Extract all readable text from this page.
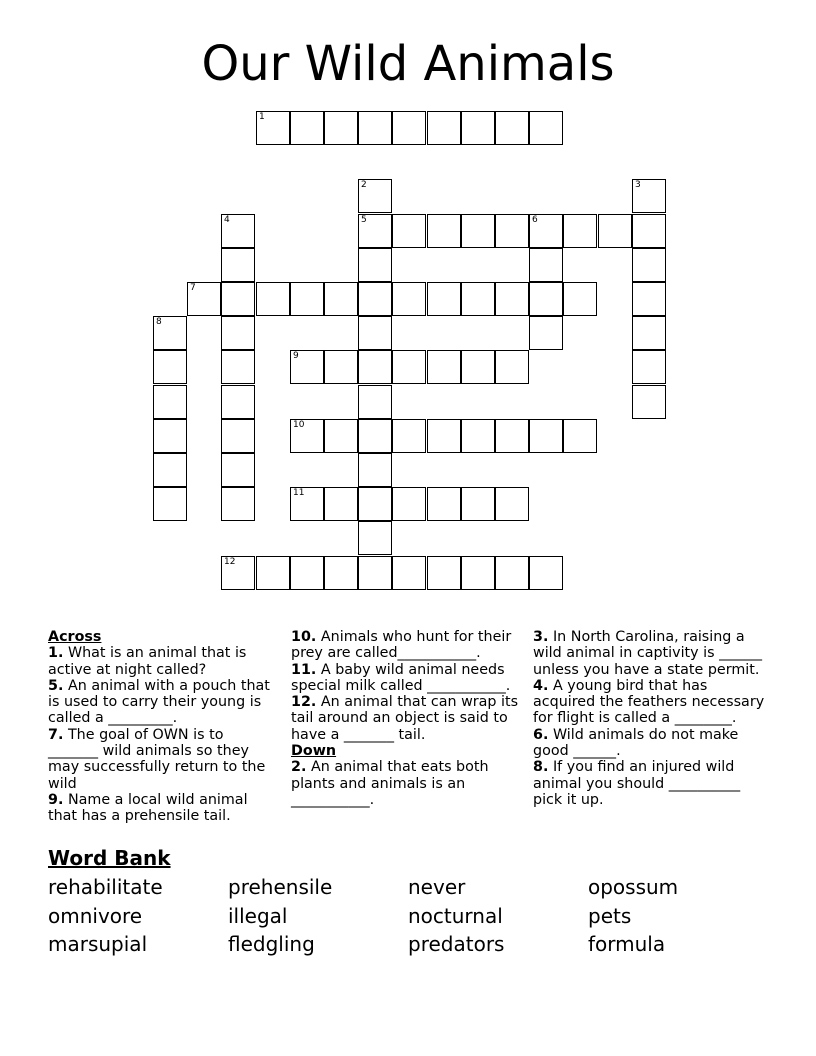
Our Wild Animals
1
2
5
3
4	6
7
8
9
10
11
12
Across

1. What is an animal that is active at night called?

5. An animal with a pouch that is used to carry their young is called a _________.

7. The goal of OWN is to _______ wild animals so they may successfully return to the wild

9. Name a local wild animal that has a prehensile tail.

10. Animals who hunt for their prey are called___________.

11. A baby wild animal needs special milk called ___________.

12. An animal that can wrap its tail around an object is said to have a _______ tail.

Down

2. An animal that eats both plants and animals is an ___________.

3. In North Carolina, raising a wild animal in captivity is ______ unless you have a state permit.

4. A young bird that has acquired the feathers necessary for flight is called a ________.

6. Wild animals do not make good ______.

8. If you find an injured wild animal you should __________ pick it up.

Word Bank
rehabilitate	prehensile	never	opossum
omnivore	illegal	nocturnal	pets
marsupial	fledgling	predators	formula
